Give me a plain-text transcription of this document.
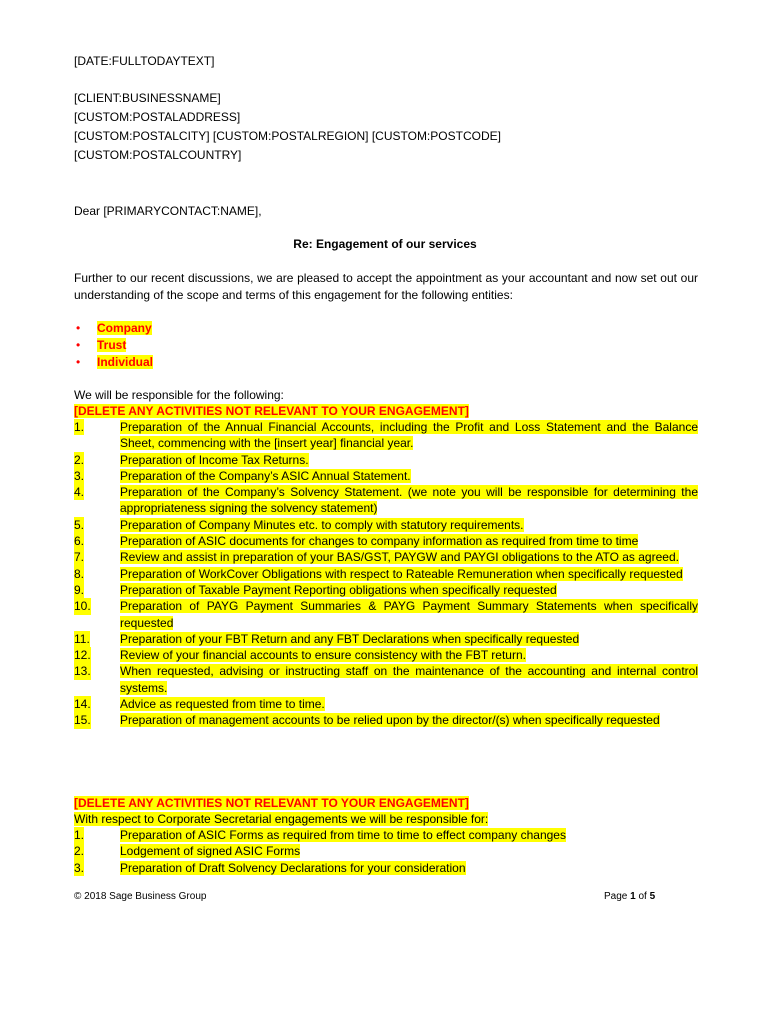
[DATE:FULLTODAYTEXT]
[CLIENT:BUSINESSNAME]
[CUSTOM:POSTALADDRESS]
[CUSTOM:POSTALCITY] [CUSTOM:POSTALREGION] [CUSTOM:POSTCODE]
[CUSTOM:POSTALCOUNTRY]
Dear [PRIMARYCONTACT:NAME],
Re: Engagement of our services
Further to our recent discussions, we are pleased to accept the appointment as your accountant and now set out our understanding of the scope and terms of this engagement for the following entities:
• Company
• Trust
• Individual
We will be responsible for the following:
[DELETE ANY ACTIVITIES NOT RELEVANT TO YOUR ENGAGEMENT]
1.	Preparation of the Annual Financial Accounts, including the Profit and Loss Statement and the Balance Sheet, commencing with the [insert year] financial year.
2.	Preparation of Income Tax Returns.
3.	Preparation of the Company’s ASIC Annual Statement.
4.	Preparation of the Company’s Solvency Statement. (we note you will be responsible for determining the appropriateness signing the solvency statement)
5.	Preparation of Company Minutes etc. to comply with statutory requirements.
6.	Preparation of ASIC documents for changes to company information as required from time to time
7.	Review and assist in preparation of your BAS/GST, PAYGW and PAYGI obligations to the ATO as agreed.
8.	Preparation of WorkCover Obligations with respect to Rateable Remuneration when specifically requested
9.	Preparation of Taxable Payment Reporting obligations when specifically requested
10. Preparation of PAYG Payment Summaries & PAYG Payment Summary Statements when specifically requested
11.	Preparation of your FBT Return and any FBT Declarations when specifically requested
12. Review of your financial accounts to ensure consistency with the FBT return.
13. When requested, advising or instructing staff on the maintenance of the accounting and internal control systems.
14. Advice as requested from time to time.
15. Preparation of management accounts to be relied upon by the director/(s) when specifically requested
[DELETE ANY ACTIVITIES NOT RELEVANT TO YOUR ENGAGEMENT]
With respect to Corporate Secretarial engagements we will be responsible for:
1.	Preparation of ASIC Forms as required from time to time to effect company changes
2.	Lodgement of signed ASIC Forms
3.	Preparation of Draft Solvency Declarations for your consideration
© 2018 Sage Business Group	Page 1 of 5
